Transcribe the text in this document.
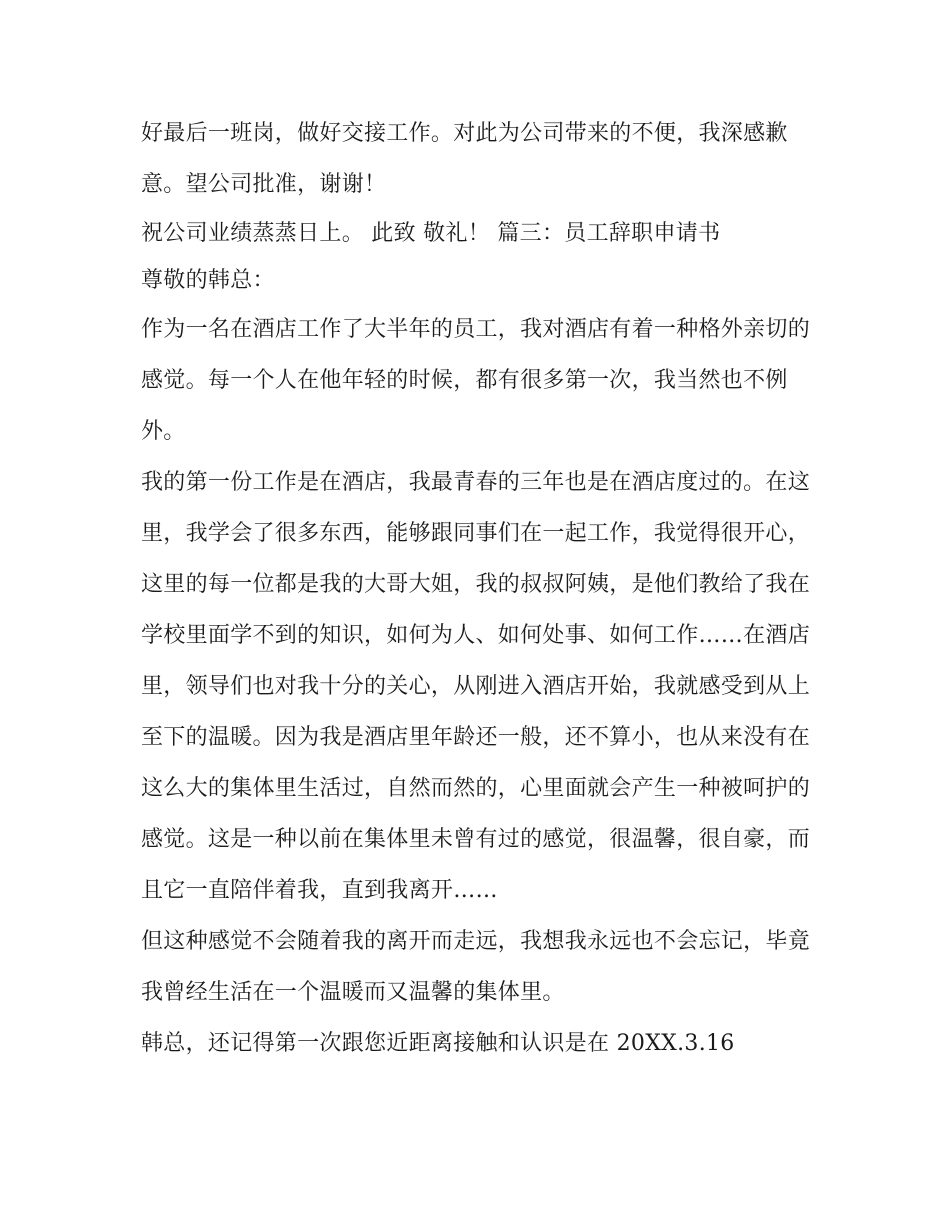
好最后一班岗，做好交接工作。对此为公司带来的不便，我深感歉意。望公司批准，谢谢！

祝公司业绩蒸蒸日上。 此致 敬礼！ 篇三：员工辞职申请书

尊敬的韩总：

作为一名在酒店工作了大半年的员工，我对酒店有着一种格外亲切的感觉。每一个人在他年轻的时候，都有很多第一次，我当然也不例外。

我的第一份工作是在酒店，我最青春的三年也是在酒店度过的。在这里，我学会了很多东西，能够跟同事们在一起工作，我觉得很开心，这里的每一位都是我的大哥大姐，我的叔叔阿姨，是他们教给了我在学校里面学不到的知识，如何为人、如何处事、如何工作……在酒店里，领导们也对我十分的关心，从刚进入酒店开始，我就感受到从上至下的温暖。因为我是酒店里年龄还一般，还不算小，也从来没有在这么大的集体里生活过，自然而然的，心里面就会产生一种被呵护的感觉。这是一种以前在集体里未曾有过的感觉，很温馨，很自豪，而且它一直陪伴着我，直到我离开……

但这种感觉不会随着我的离开而走远，我想我永远也不会忘记，毕竟我曾经生活在一个温暖而又温馨的集体里。

韩总，还记得第一次跟您近距离接触和认识是在 20XX.3.16
